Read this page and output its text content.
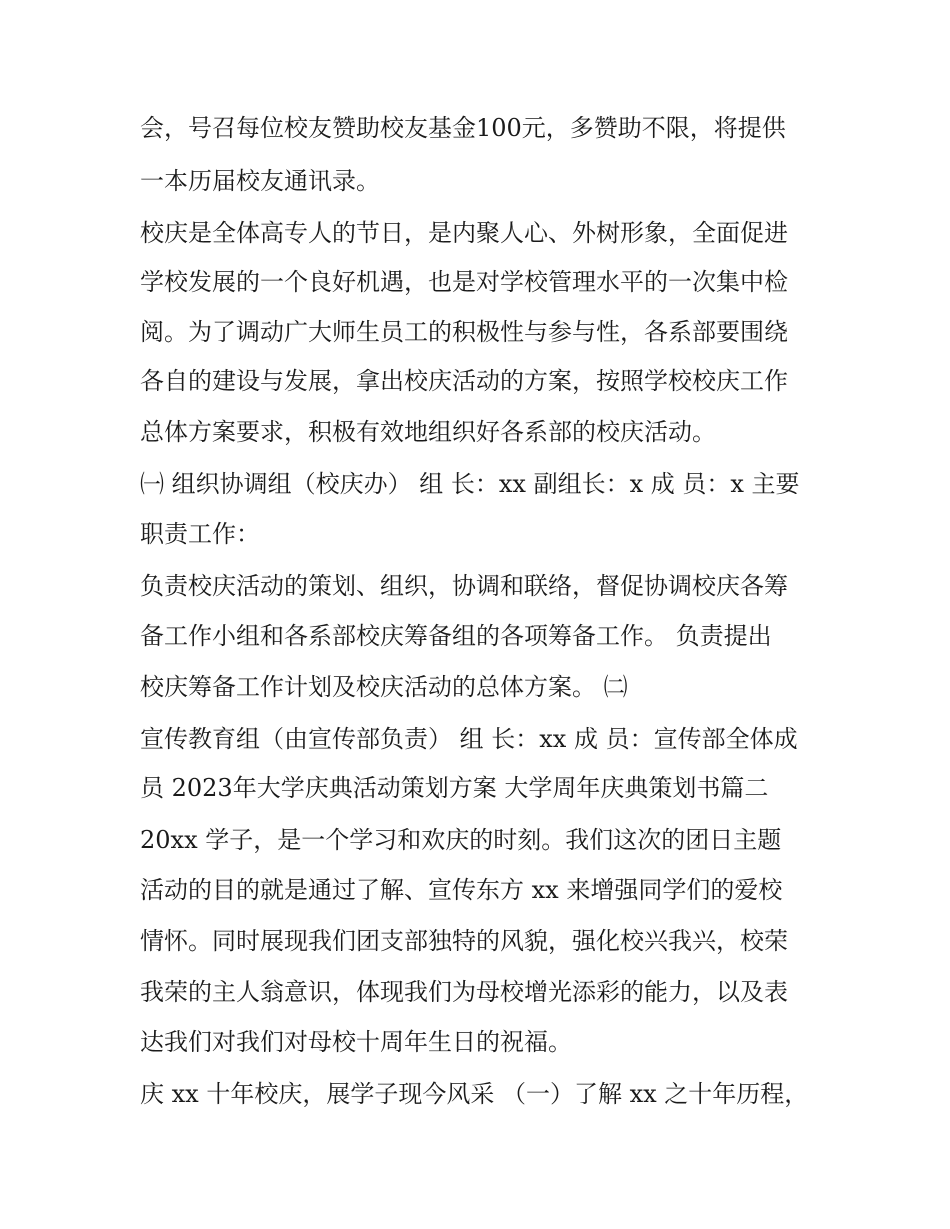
会，号召每位校友赞助校友基金100元，多赞助不限，将提供
一本历届校友通讯录。
校庆是全体高专人的节日，是内聚人心、外树形象，全面促进
学校发展的一个良好机遇，也是对学校管理水平的一次集中检
阅。为了调动广大师生员工的积极性与参与性，各系部要围绕
各自的建设与发展，拿出校庆活动的方案，按照学校校庆工作
总体方案要求，积极有效地组织好各系部的校庆活动。
㈠ 组织协调组（校庆办） 组 长：xx 副组长：x 成 员：x 主要
职责工作：
负责校庆活动的策划、组织，协调和联络，督促协调校庆各筹
备工作小组和各系部校庆筹备组的各项筹备工作。 负责提出
校庆筹备工作计划及校庆活动的总体方案。 ㈡
宣传教育组（由宣传部负责） 组 长：xx 成 员：宣传部全体成
员 2023年大学庆典活动策划方案 大学周年庆典策划书篇二
20xx 学子，是一个学习和欢庆的时刻。我们这次的团日主题
活动的目的就是通过了解、宣传东方 xx 来增强同学们的爱校
情怀。同时展现我们团支部独特的风貌，强化校兴我兴，校荣
我荣的主人翁意识，体现我们为母校增光添彩的能力，以及表
达我们对我们对母校十周年生日的祝福。
庆 xx 十年校庆，展学子现今风采 （一）了解 xx 之十年历程，
